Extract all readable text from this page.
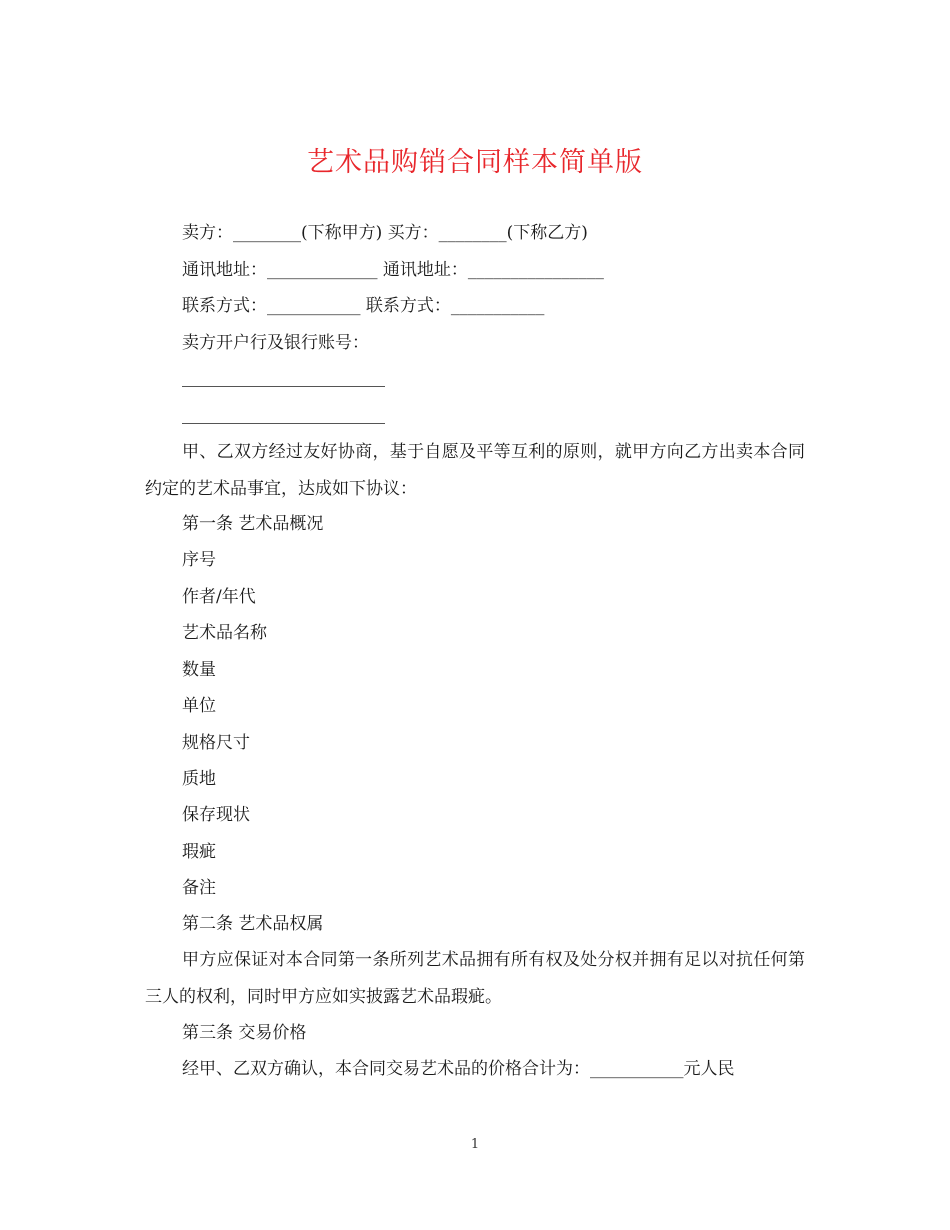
艺术品购销合同样本简单版
卖方：________(下称甲方) 买方：________(下称乙方)
通讯地址：_____________ 通讯地址：________________
联系方式：___________ 联系方式：___________
卖方开户行及银行账号：
甲、乙双方经过友好协商，基于自愿及平等互利的原则，就甲方向乙方出卖本合同约定的艺术品事宜，达成如下协议：
第一条 艺术品概况
序号
作者/年代
艺术品名称
数量
单位
规格尺寸
质地
保存现状
瑕疵
备注
第二条 艺术品权属
甲方应保证对本合同第一条所列艺术品拥有所有权及处分权并拥有足以对抗任何第三人的权利，同时甲方应如实披露艺术品瑕疵。
第三条 交易价格
经甲、乙双方确认，本合同交易艺术品的价格合计为：___________元人民
1
